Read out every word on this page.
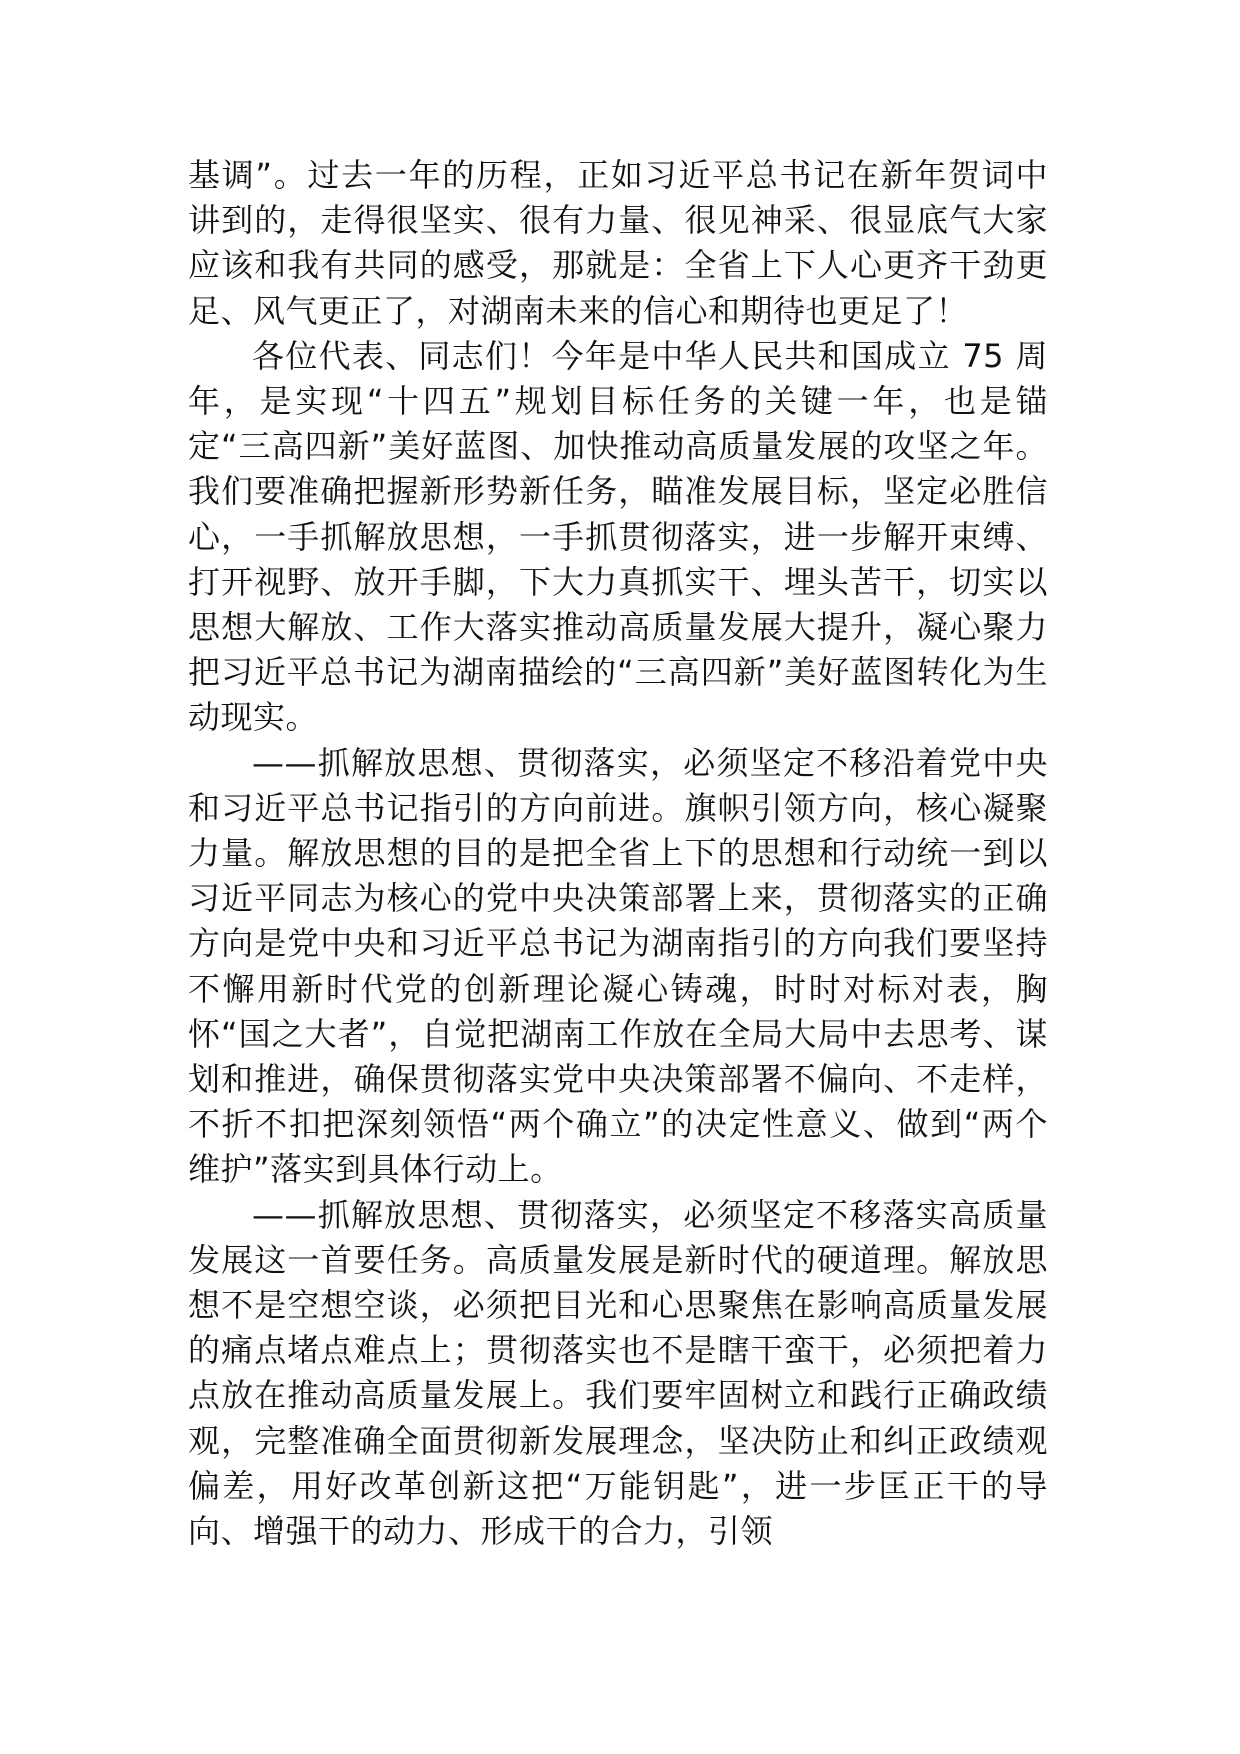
基调”。过去一年的历程，正如习近平总书记在新年贺词中讲到的，走得很坚实、很有力量、很见神采、很显底气大家应该和我有共同的感受，那就是：全省上下人心更齐干劲更足、风气更正了，对湖南未来的信心和期待也更足了！

各位代表、同志们！今年是中华人民共和国成立 75 周年，是实现“十四五”规划目标任务的关键一年，也是锚定“三高四新”美好蓝图、加快推动高质量发展的攻坚之年。我们要准确把握新形势新任务，瞄准发展目标，坚定必胜信心，一手抓解放思想，一手抓贯彻落实，进一步解开束缚、打开视野、放开手脚，下大力真抓实干、埋头苦干，切实以思想大解放、工作大落实推动高质量发展大提升，凝心聚力把习近平总书记为湖南描绘的“三高四新”美好蓝图转化为生动现实。

——抓解放思想、贯彻落实，必须坚定不移沿着党中央和习近平总书记指引的方向前进。旗帜引领方向，核心凝聚力量。解放思想的目的是把全省上下的思想和行动统一到以习近平同志为核心的党中央决策部署上来，贯彻落实的正确方向是党中央和习近平总书记为湖南指引的方向我们要坚持不懈用新时代党的创新理论凝心铸魂，时时对标对表，胸怀“国之大者”，自觉把湖南工作放在全局大局中去思考、谋划和推进，确保贯彻落实党中央决策部署不偏向、不走样，不折不扣把深刻领悟“两个确立”的决定性意义、做到“两个维护”落实到具体行动上。

——抓解放思想、贯彻落实，必须坚定不移落实高质量发展这一首要任务。高质量发展是新时代的硬道理。解放思想不是空想空谈，必须把目光和心思聚焦在影响高质量发展的痛点堵点难点上；贯彻落实也不是瞎干蛮干，必须把着力点放在推动高质量发展上。我们要牢固树立和践行正确政绩观，完整准确全面贯彻新发展理念，坚决防止和纠正政绩观偏差，用好改革创新这把“万能钥匙”，进一步匡正干的导向、增强干的动力、形成干的合力，引领
